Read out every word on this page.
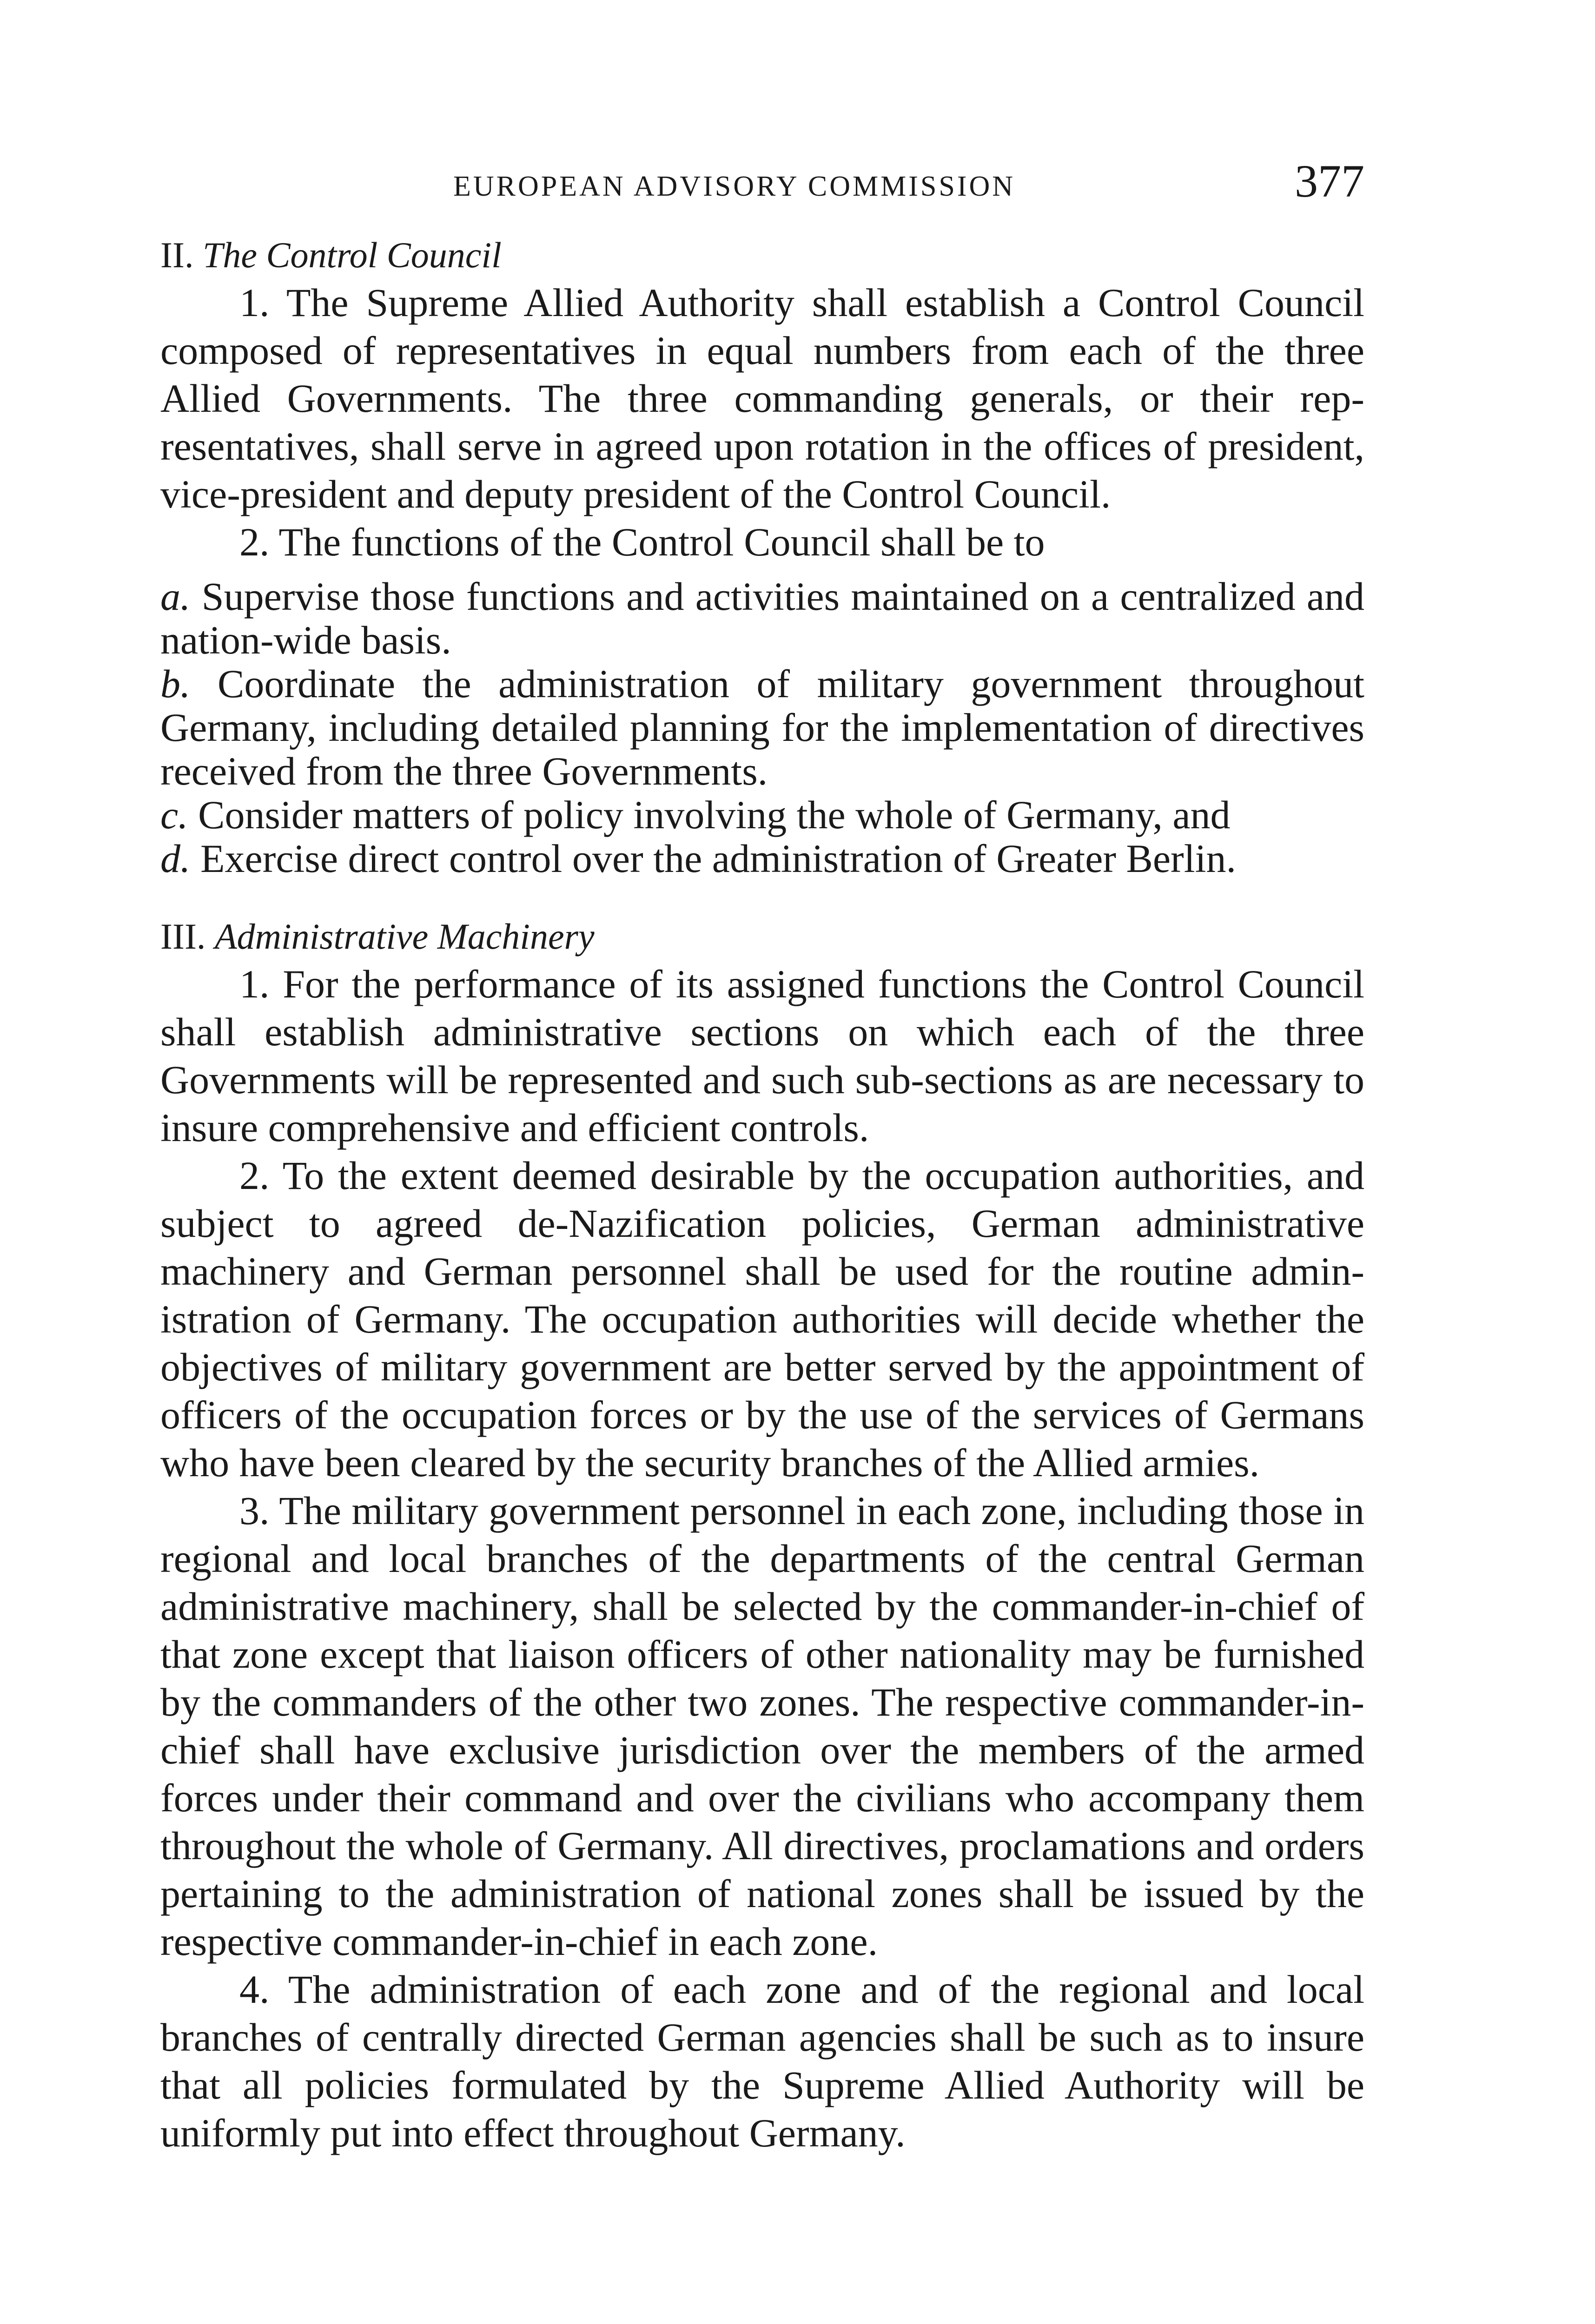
EUROPEAN ADVISORY COMMISSION	377
II. The Control Council

1. The Supreme Allied Authority shall establish a Control Council composed of representatives in equal numbers from each of the three Allied Governments. The three commanding generals, or their representatives, shall serve in agreed upon rotation in the offices of president, vice-president and deputy president of the Control Council.

2. The functions of the Control Council shall be to

a. Supervise those functions and activities maintained on a centralized and nation-wide basis.

b. Coordinate the administration of military government throughout Germany, including detailed planning for the implementation of directives received from the three Governments.

c. Consider matters of policy involving the whole of Germany, and

d. Exercise direct control over the administration of Greater Berlin.

III. Administrative Machinery

1. For the performance of its assigned functions the Control Council shall establish administrative sections on which each of the three Governments will be represented and such sub-sections as are necessary to insure comprehensive and efficient controls.

2. To the extent deemed desirable by the occupation authorities, and subject to agreed de-Nazification policies, German administrative machinery and German personnel shall be used for the routine administration of Germany. The occupation authorities will decide whether the objectives of military government are better served by the appointment of officers of the occupation forces or by the use of the services of Germans who have been cleared by the security branches of the Allied armies.

3. The military government personnel in each zone, including those in regional and local branches of the departments of the central German administrative machinery, shall be selected by the commander-in-chief of that zone except that liaison officers of other nationality may be furnished by the commanders of the other two zones. The respective commander-in-chief shall have exclusive jurisdiction over the members of the armed forces under their command and over the civilians who accompany them throughout the whole of Germany. All directives, proclamations and orders pertaining to the administration of national zones shall be issued by the respective commander-in-chief in each zone.

4. The administration of each zone and of the regional and local branches of centrally directed German agencies shall be such as to insure that all policies formulated by the Supreme Allied Authority will be uniformly put into effect throughout Germany.
